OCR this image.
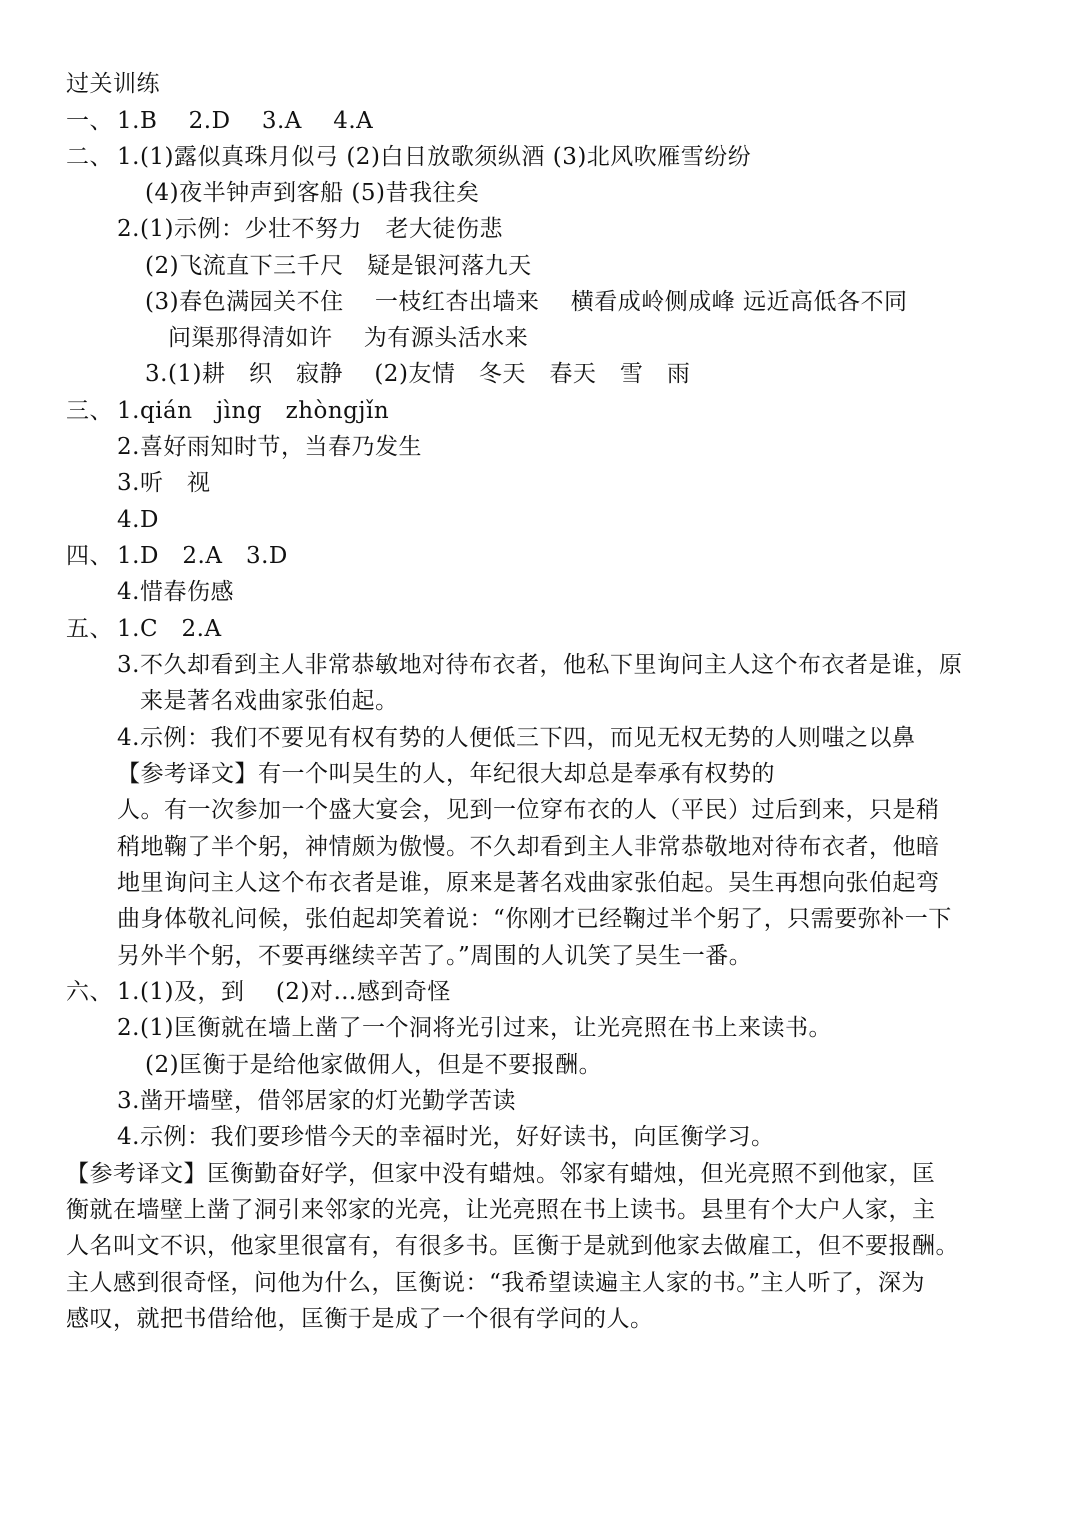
过关训练
一、 1.B　 2.D　 3.A　 4.A
二、 1.(1)露似真珠月似弓 (2)白日放歌须纵酒 (3)北风吹雁雪纷纷
(4)夜半钟声到客船 (5)昔我往矣
2.(1)示例：少壮不努力　老大徒伤悲
(2)飞流直下三千尺　疑是银河落九天
(3)春色满园关不住　 一枝红杏出墙来　 横看成岭侧成峰 远近高低各不同
问渠那得清如许　 为有源头活水来
3.(1)耕　织　寂静　 (2)友情　冬天　春天　雪　雨
三、 1.qián　jìng　zhòngjǐn
2.喜好雨知时节，当春乃发生
3.听　视
4.D
四、 1.D　2.A　3.D
4.惜春伤感
五、 1.C　2.A
3.不久却看到主人非常恭敏地对待布衣者，他私下里询问主人这个布衣者是谁，原
来是著名戏曲家张伯起。
4.示例：我们不要见有权有势的人便低三下四，而见无权无势的人则嗤之以鼻
【参考译文】有一个叫吴生的人，年纪很大却总是奉承有权势的
人。有一次参加一个盛大宴会，见到一位穿布衣的人（平民）过后到来，只是稍
稍地鞠了半个躬，神情颇为傲慢。不久却看到主人非常恭敬地对待布衣者，他暗
地里询问主人这个布衣者是谁，原来是著名戏曲家张伯起。吴生再想向张伯起弯
曲身体敬礼问候，张伯起却笑着说：“你刚才已经鞠过半个躬了，只需要弥补一下
另外半个躬，不要再继续辛苦了。”周围的人讥笑了吴生一番。
六、 1.(1)及，到　 (2)对…感到奇怪
2.(1)匡衡就在墙上凿了一个洞将光引过来，让光亮照在书上来读书。
(2)匡衡于是给他家做佣人，但是不要报酬。
3.凿开墙壁，借邻居家的灯光勤学苦读
4.示例：我们要珍惜今天的幸福时光，好好读书，向匡衡学习。
【参考译文】匡衡勤奋好学，但家中没有蜡烛。邻家有蜡烛，但光亮照不到他家，匡
衡就在墙壁上凿了洞引来邻家的光亮，让光亮照在书上读书。县里有个大户人家，主
人名叫文不识，他家里很富有，有很多书。匡衡于是就到他家去做雇工，但不要报酬。
主人感到很奇怪，问他为什么，匡衡说：“我希望读遍主人家的书。”主人听了，深为
感叹，就把书借给他，匡衡于是成了一个很有学问的人。
